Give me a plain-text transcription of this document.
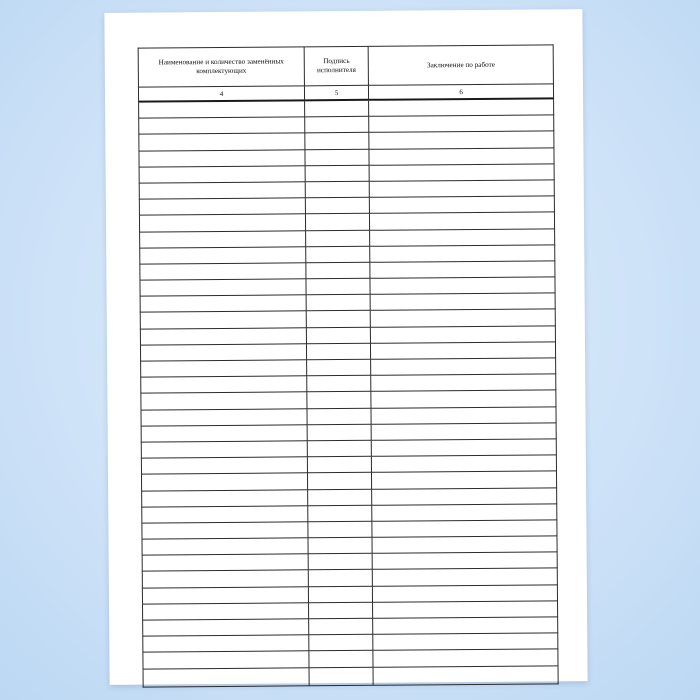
Наименование и количество заменённых комплектующих	Подпись исполнителя	Заключение по работе
4	5	6
